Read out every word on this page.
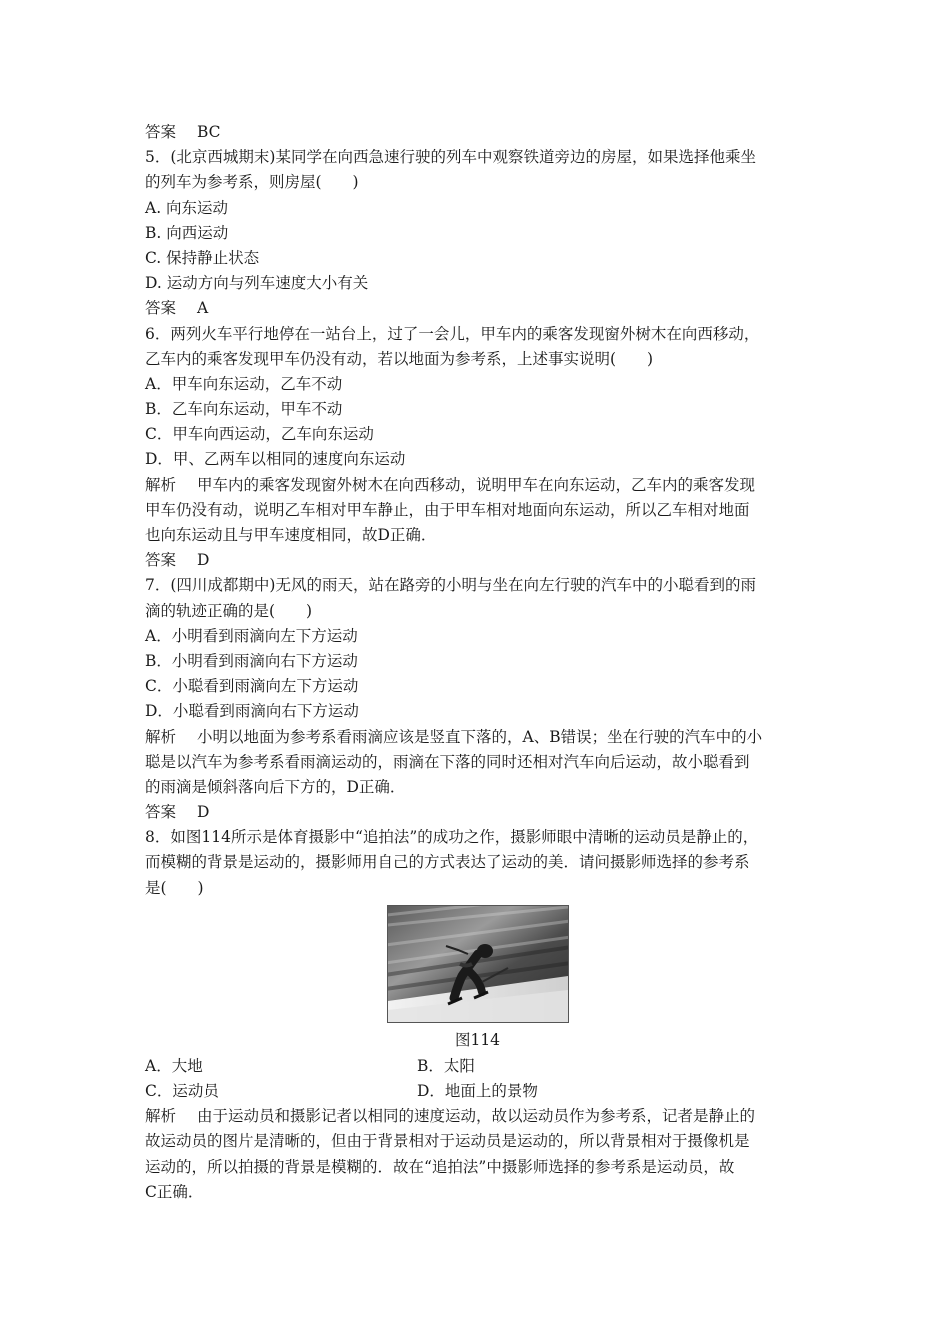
答案 BC
5．(北京西城期末)某同学在向西急速行驶的列车中观察铁道旁边的房屋，如果选择他乘坐
的列车为参考系，则房屋(　　)
A. 向东运动
B. 向西运动
C. 保持静止状态
D. 运动方向与列车速度大小有关
答案 A
6．两列火车平行地停在一站台上，过了一会儿，甲车内的乘客发现窗外树木在向西移动，
乙车内的乘客发现甲车仍没有动，若以地面为参考系，上述事实说明(　　)
A．甲车向东运动，乙车不动
B．乙车向东运动，甲车不动
C．甲车向西运动，乙车向东运动
D．甲、乙两车以相同的速度向东运动
解析 甲车内的乘客发现窗外树木在向西移动，说明甲车在向东运动，乙车内的乘客发现
甲车仍没有动，说明乙车相对甲车静止，由于甲车相对地面向东运动，所以乙车相对地面
也向东运动且与甲车速度相同，故D正确．
答案 D
7．(四川成都期中)无风的雨天，站在路旁的小明与坐在向左行驶的汽车中的小聪看到的雨
滴的轨迹正确的是(　　)
A．小明看到雨滴向左下方运动
B．小明看到雨滴向右下方运动
C．小聪看到雨滴向左下方运动
D．小聪看到雨滴向右下方运动
解析 小明以地面为参考系看雨滴应该是竖直下落的，A、B错误；坐在行驶的汽车中的小
聪是以汽车为参考系看雨滴运动的，雨滴在下落的同时还相对汽车向后运动，故小聪看到
的雨滴是倾斜落向后下方的，D正确．
答案 D
8．如图114所示是体育摄影中“追拍法”的成功之作，摄影师眼中清晰的运动员是静止的，
而模糊的背景是运动的，摄影师用自己的方式表达了运动的美．请问摄影师选择的参考系
是(　　)
图114
A．大地	B．太阳
C．运动员	D．地面上的景物
解析 由于运动员和摄影记者以相同的速度运动，故以运动员作为参考系，记者是静止的
故运动员的图片是清晰的，但由于背景相对于运动员是运动的，所以背景相对于摄像机是
运动的，所以拍摄的背景是模糊的．故在“追拍法”中摄影师选择的参考系是运动员，故
C正确．
